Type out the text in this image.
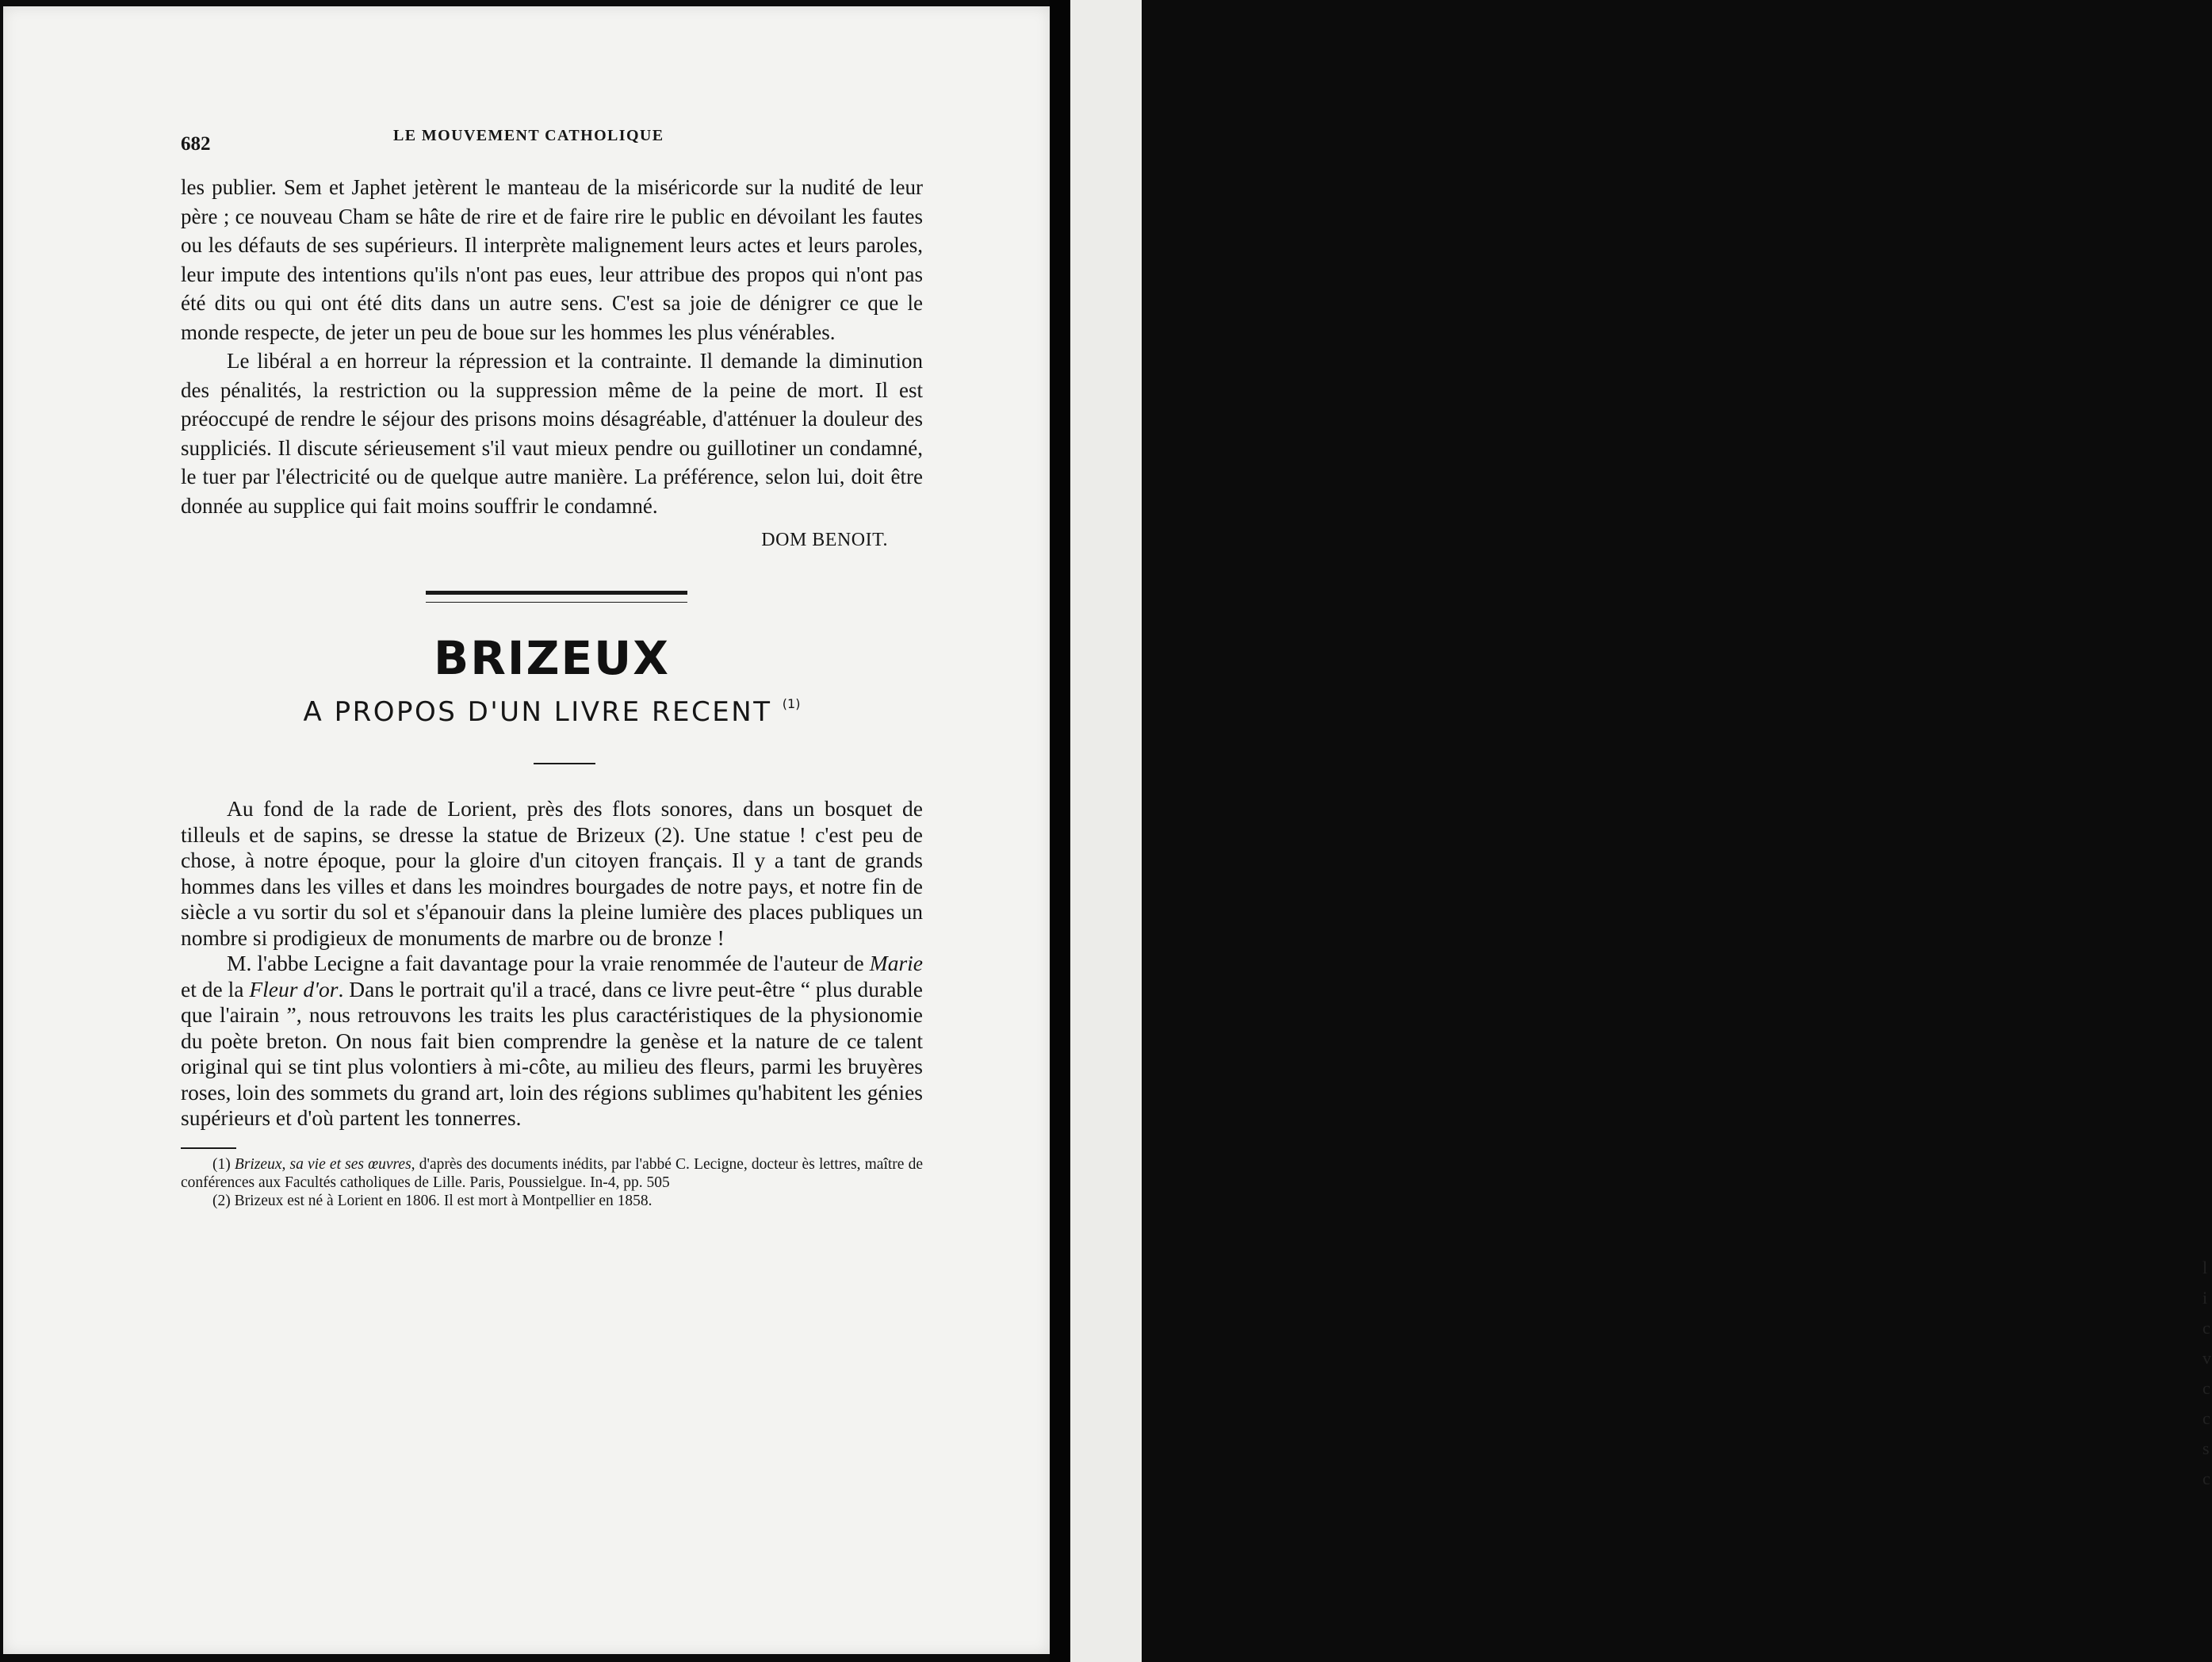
l i c v c c s c
682	LE MOUVEMENT CATHOLIQUE

les publier. Sem et Japhet jetèrent le manteau de la miséricorde sur la nudité de leur père ; ce nouveau Cham se hâte de rire et de faire rire le public en dévoilant les fautes ou les défauts de ses supérieurs. Il interprète malignement leurs actes et leurs paroles, leur impute des intentions qu'ils n'ont pas eues, leur attribue des propos qui n'ont pas été dits ou qui ont été dits dans un autre sens. C'est sa joie de dénigrer ce que le monde respecte, de jeter un peu de boue sur les hommes les plus vénérables.

Le libéral a en horreur la répression et la contrainte. Il demande la diminution des pénalités, la restriction ou la suppression même de la peine de mort. Il est préoccupé de rendre le séjour des prisons moins désagréable, d'atténuer la douleur des suppliciés. Il discute sérieusement s'il vaut mieux pendre ou guillotiner un condamné, le tuer par l'électricité ou de quelque autre manière. La préférence, selon lui, doit être donnée au supplice qui fait moins souffrir le condamné.

DOM BENOIT.
BRIZEUX
A PROPOS D'UN LIVRE RECENT $^{(1)}$

Au fond de la rade de Lorient, près des flots sonores, dans un bosquet de tilleuls et de sapins, se dresse la statue de Brizeux (2). Une statue ! c'est peu de chose, à notre époque, pour la gloire d'un citoyen français. Il y a tant de grands hommes dans les villes et dans les moindres bourgades de notre pays, et notre fin de siècle a vu sortir du sol et s'épanouir dans la pleine lumière des places publiques un nombre si prodigieux de monuments de marbre ou de bronze !

M. l'abbe Lecigne a fait davantage pour la vraie renommée de l'auteur de Marie et de la Fleur d'or. Dans le portrait qu'il a tracé, dans ce livre peut-être “ plus durable que l'airain ”, nous retrouvons les traits les plus caractéristiques de la physionomie du poète breton. On nous fait bien comprendre la genèse et la nature de ce talent original qui se tint plus volontiers à mi-côte, au milieu des fleurs, parmi les bruyères roses, loin des sommets du grand art, loin des régions sublimes qu'habitent les génies supérieurs et d'où partent les tonnerres.

(1) Brizeux, sa vie et ses œuvres, d'après des documents inédits, par l'abbé C. Lecigne, docteur ès lettres, maître de conférences aux Facultés catholiques de Lille. Paris, Poussielgue. In-4, pp. 505

(2) Brizeux est né à Lorient en 1806. Il est mort à Montpellier en 1858.
